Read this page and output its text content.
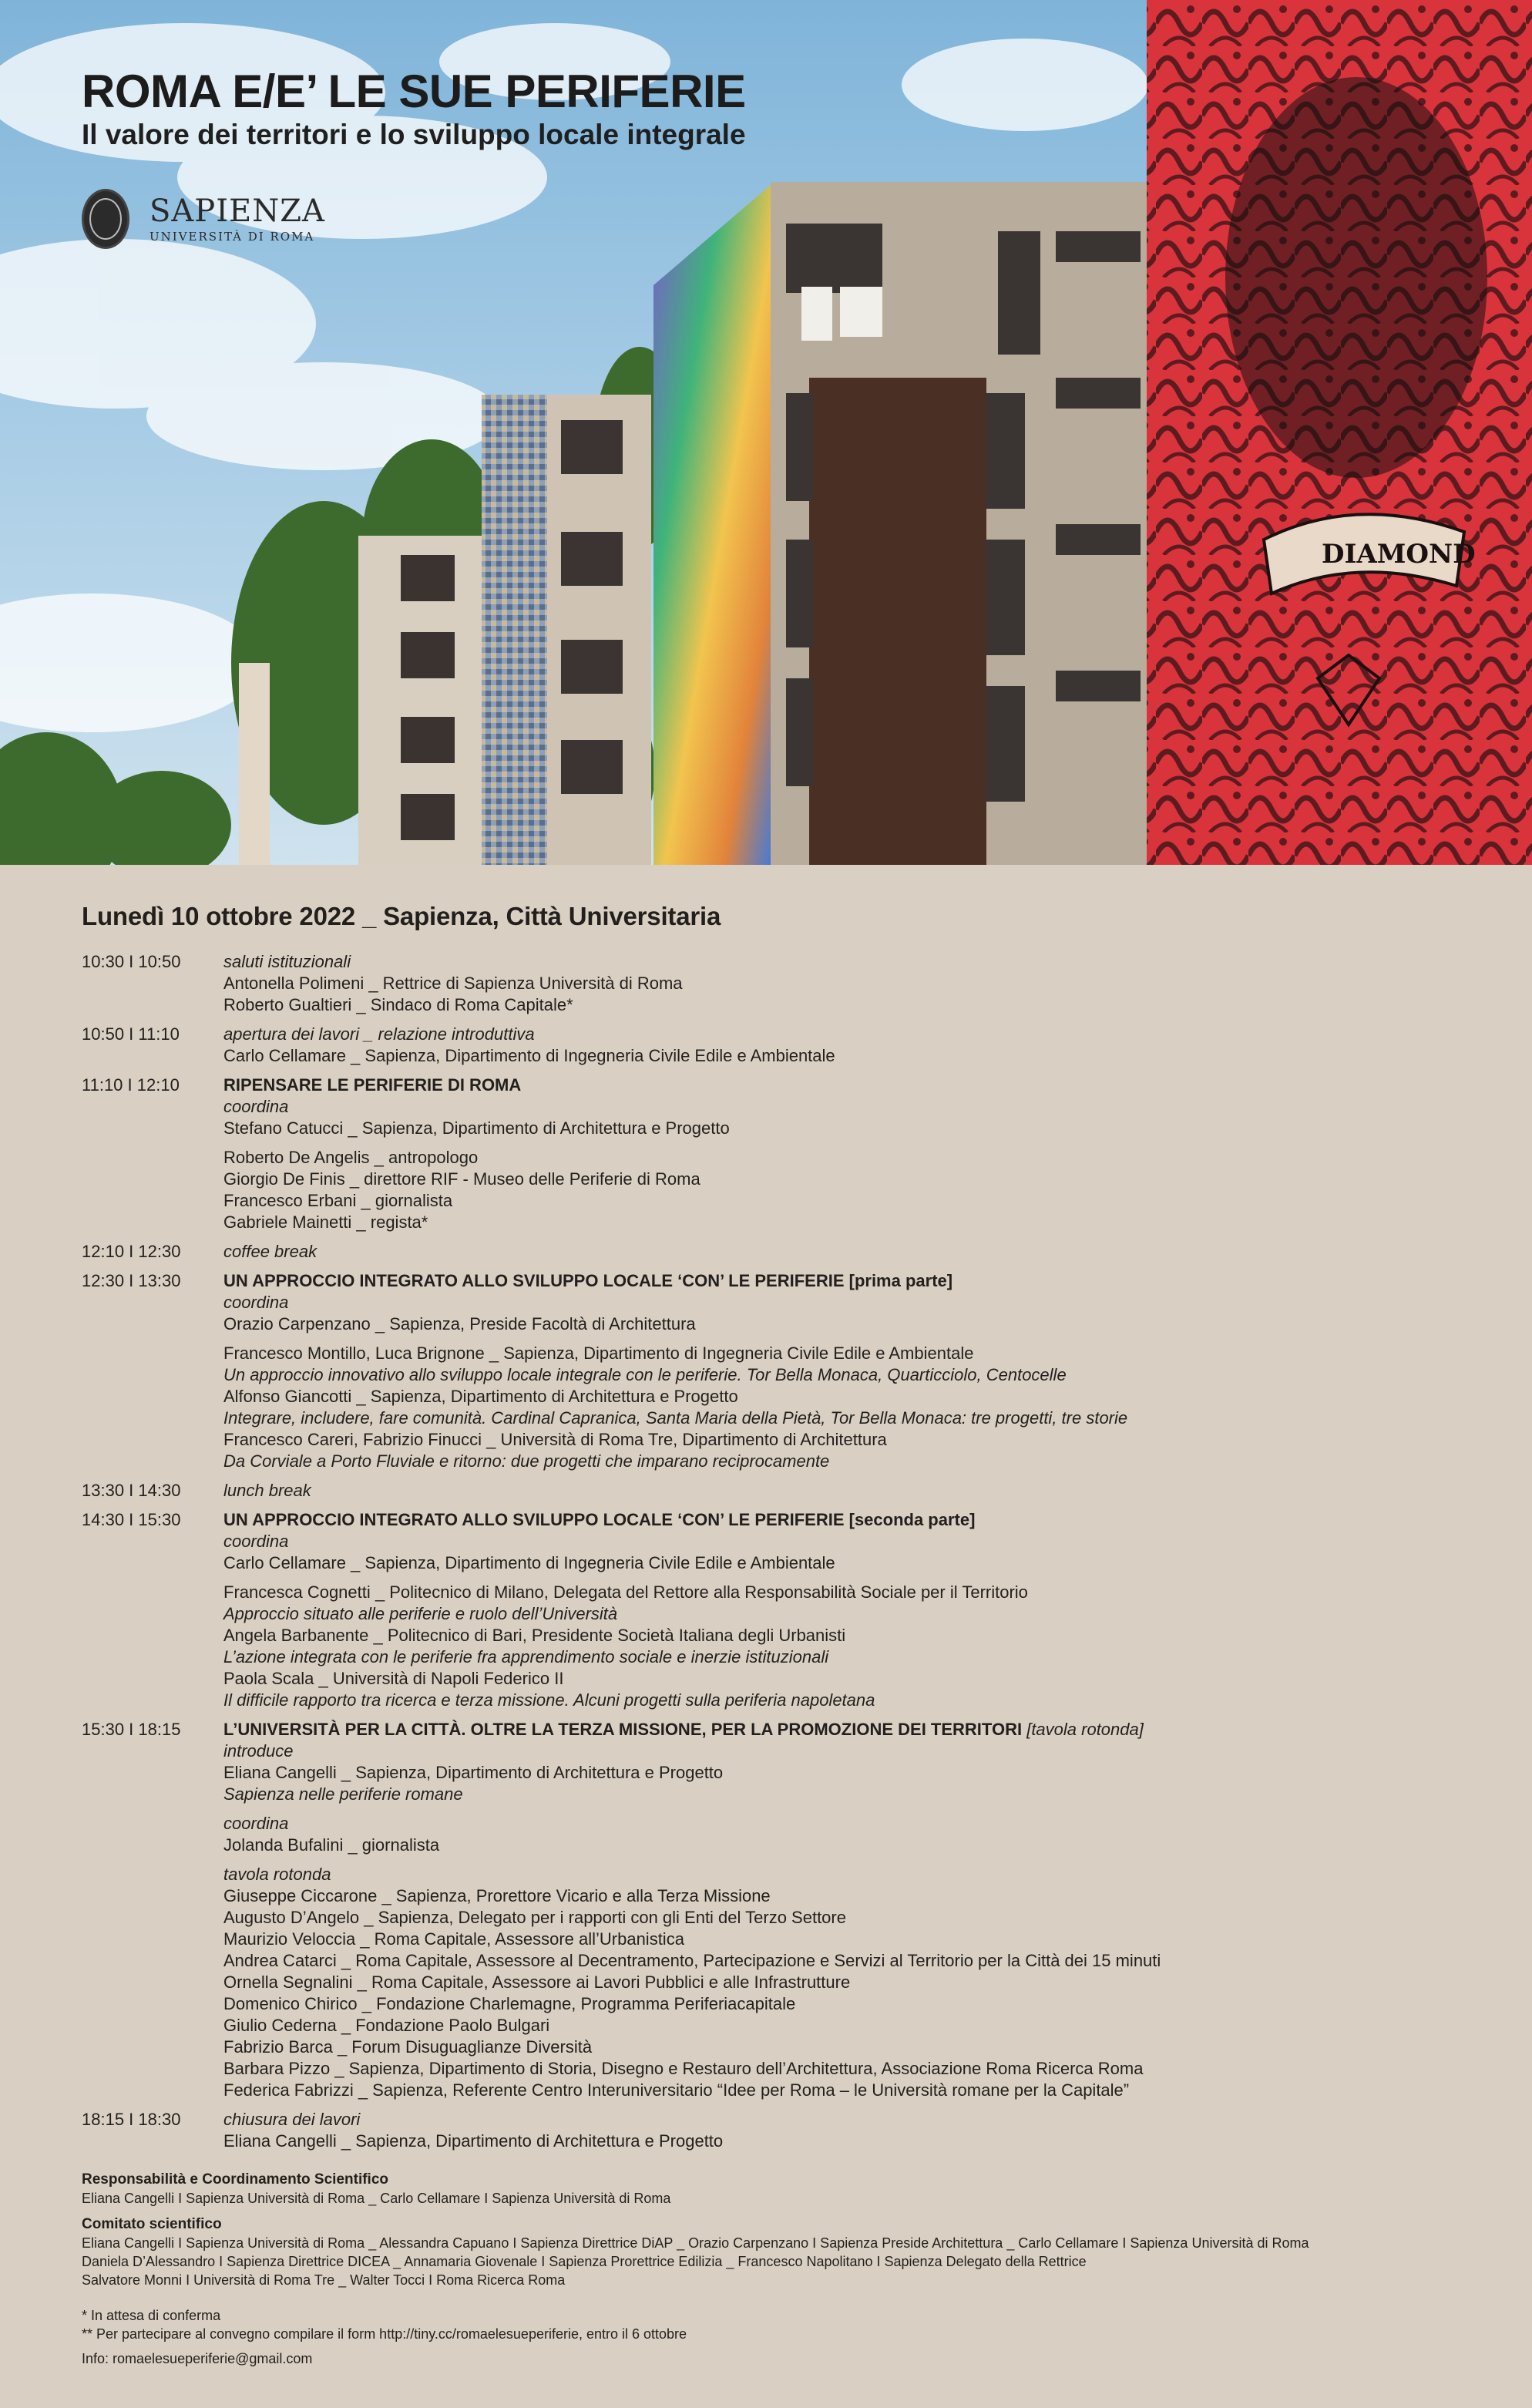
DIAMOND
ROMA E/E’ LE SUE PERIFERIE
Il valore dei territori e lo sviluppo locale integrale
SAPIENZA
UNIVERSITÀ DI ROMA
Lunedì 10 ottobre 2022 _ Sapienza, Città Universitaria
10:30 I 10:50	saluti istituzionali
Antonella Polimeni _ Rettrice di Sapienza Università di Roma
Roberto Gualtieri _ Sindaco di Roma Capitale*
10:50 I 11:10	apertura dei lavori _ relazione introduttiva
Carlo Cellamare _ Sapienza, Dipartimento di Ingegneria Civile Edile e Ambientale
11:10 I 12:10	RIPENSARE LE PERIFERIE DI ROMA
coordina
Stefano Catucci _ Sapienza, Dipartimento di Architettura e Progetto
Roberto De Angelis _ antropologo
Giorgio De Finis _ direttore RIF - Museo delle Periferie di Roma
Francesco Erbani _ giornalista
Gabriele Mainetti _ regista*
12:10 I 12:30	coffee break
12:30 I 13:30	UN APPROCCIO INTEGRATO ALLO SVILUPPO LOCALE ‘CON’ LE PERIFERIE [prima parte]
coordina
Orazio Carpenzano _ Sapienza, Preside Facoltà di Architettura
Francesco Montillo, Luca Brignone _ Sapienza, Dipartimento di Ingegneria Civile Edile e Ambientale
Un approccio innovativo allo sviluppo locale integrale con le periferie. Tor Bella Monaca, Quarticciolo, Centocelle
Alfonso Giancotti _ Sapienza, Dipartimento di Architettura e Progetto
Integrare, includere, fare comunità. Cardinal Capranica, Santa Maria della Pietà, Tor Bella Monaca: tre progetti, tre storie
Francesco Careri, Fabrizio Finucci _ Università di Roma Tre, Dipartimento di Architettura
Da Corviale a Porto Fluviale e ritorno: due progetti che imparano reciprocamente
13:30 I 14:30	lunch break
14:30 I 15:30	UN APPROCCIO INTEGRATO ALLO SVILUPPO LOCALE ‘CON’ LE PERIFERIE [seconda parte]
coordina
Carlo Cellamare _ Sapienza, Dipartimento di Ingegneria Civile Edile e Ambientale
Francesca Cognetti _ Politecnico di Milano, Delegata del Rettore alla Responsabilità Sociale per il Territorio
Approccio situato alle periferie e ruolo dell’Università
Angela Barbanente _ Politecnico di Bari, Presidente Società Italiana degli Urbanisti
L’azione integrata con le periferie fra apprendimento sociale e inerzie istituzionali
Paola Scala _ Università di Napoli Federico II
Il difficile rapporto tra ricerca e terza missione. Alcuni progetti sulla periferia napoletana
15:30 I 18:15	L’UNIVERSITÀ PER LA CITTÀ. OLTRE LA TERZA MISSIONE, PER LA PROMOZIONE DEI TERRITORI [tavola rotonda]
introduce
Eliana Cangelli _ Sapienza, Dipartimento di Architettura e Progetto
Sapienza nelle periferie romane
coordina
Jolanda Bufalini _ giornalista
tavola rotonda
Giuseppe Ciccarone _ Sapienza, Prorettore Vicario e alla Terza Missione
Augusto D’Angelo _ Sapienza, Delegato per i rapporti con gli Enti del Terzo Settore
Maurizio Veloccia _ Roma Capitale, Assessore all’Urbanistica
Andrea Catarci _ Roma Capitale, Assessore al Decentramento, Partecipazione e Servizi al Territorio per la Città dei 15 minuti
Ornella Segnalini _ Roma Capitale, Assessore ai Lavori Pubblici e alle Infrastrutture
Domenico Chirico _ Fondazione Charlemagne, Programma Periferiacapitale
Giulio Cederna _ Fondazione Paolo Bulgari
Fabrizio Barca _ Forum Disuguaglianze Diversità
Barbara Pizzo _ Sapienza, Dipartimento di Storia, Disegno e Restauro dell’Architettura, Associazione Roma Ricerca Roma
Federica Fabrizzi _ Sapienza, Referente Centro Interuniversitario “Idee per Roma – le Università romane per la Capitale”
18:15 I 18:30	chiusura dei lavori
Eliana Cangelli _ Sapienza, Dipartimento di Architettura e Progetto
Responsabilità e Coordinamento Scientifico
Eliana Cangelli I Sapienza Università di Roma _ Carlo Cellamare I Sapienza Università di Roma
Comitato scientifico
Eliana Cangelli I Sapienza Università di Roma _ Alessandra Capuano I Sapienza Direttrice DiAP _ Orazio Carpenzano I Sapienza Preside Architettura _ Carlo Cellamare I Sapienza Università di Roma
Daniela D’Alessandro I Sapienza Direttrice DICEA _ Annamaria Giovenale I Sapienza Prorettrice Edilizia _ Francesco Napolitano I Sapienza Delegato della Rettrice
Salvatore Monni I Università di Roma Tre _ Walter Tocci I Roma Ricerca Roma
* In attesa di conferma
** Per partecipare al convegno compilare il form http://tiny.cc/romaelesueperiferie, entro il 6 ottobre
Info: romaelesueperiferie@gmail.com
